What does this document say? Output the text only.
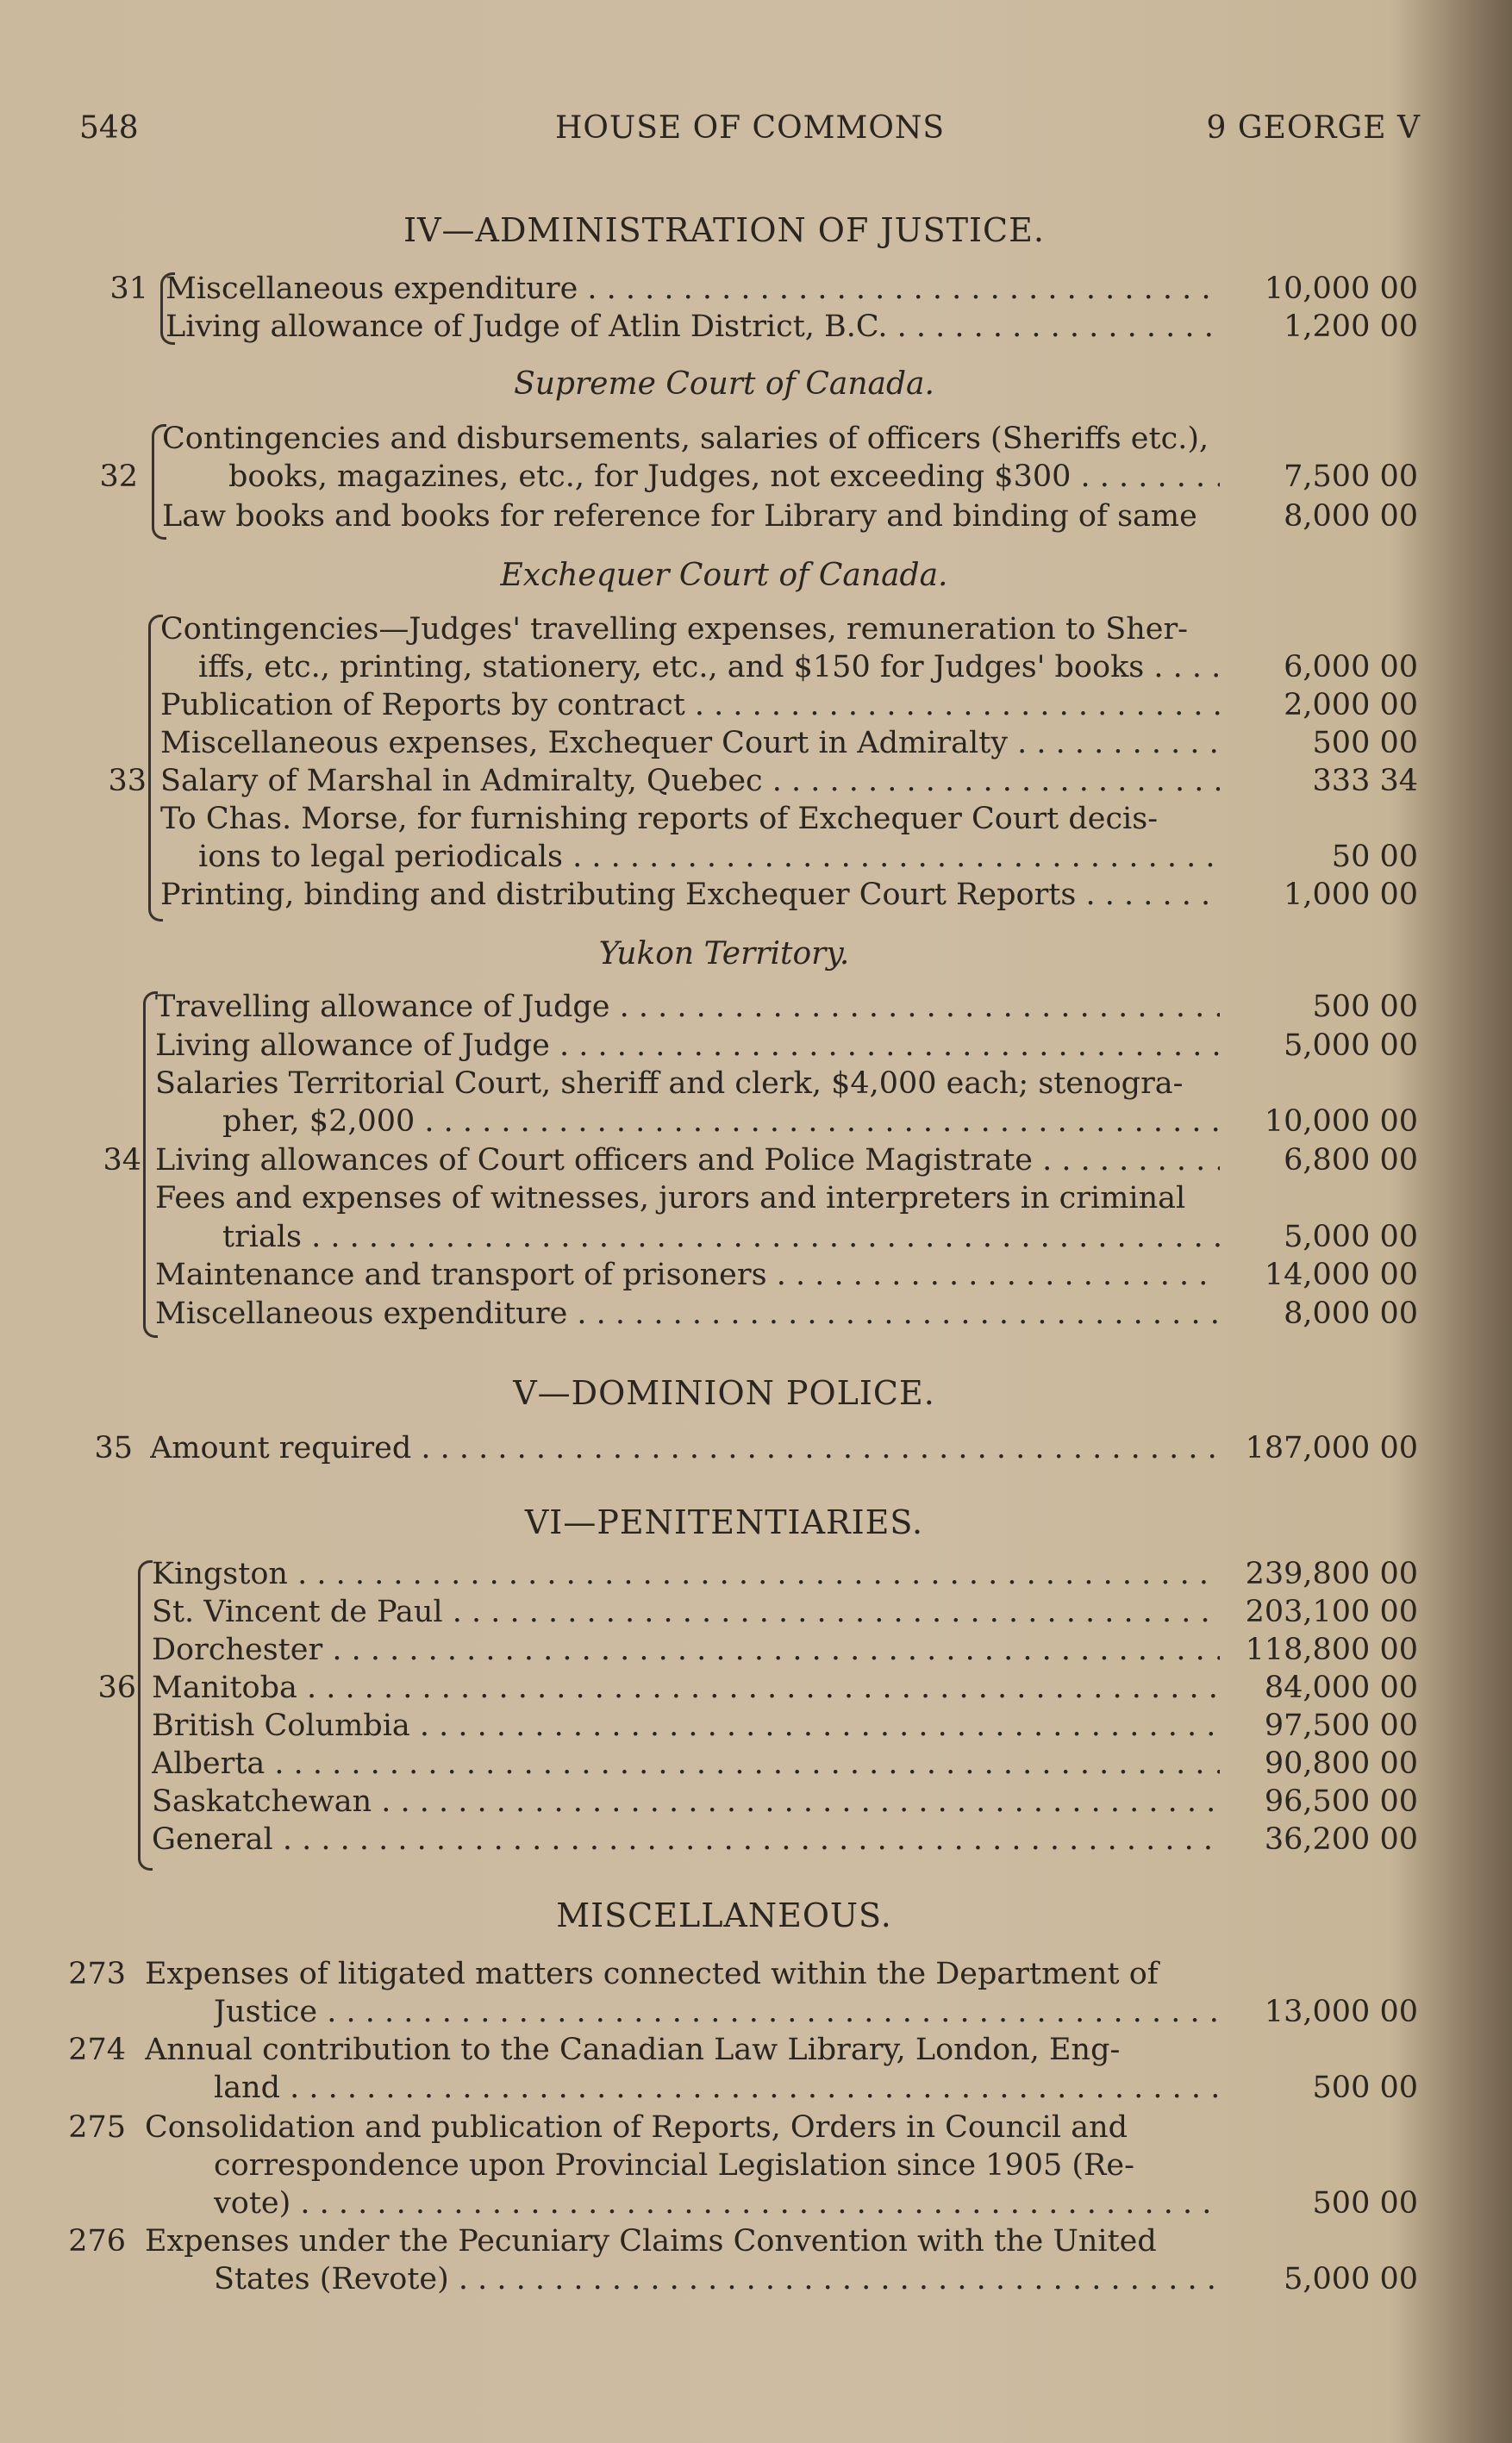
548	HOUSE OF COMMONS	9 GEORGE V
IV—ADMINISTRATION OF JUSTICE.
31 Miscellaneous expenditure . . .	10,000 00
Living allowance of Judge of Atlin District, B.C. . . .	1,200 00
Supreme Court of Canada.
Contingencies and disbursements, salaries of officers (Sheriffs etc.),
32	books, magazines, etc., for Judges, not exceeding $300 . . .	7,500 00
Law books and books for reference for Library and binding of same	8,000 00
Exchequer Court of Canada.
Contingencies—Judges' travelling expenses, remuneration to Sher-
iffs, etc., printing, stationery, etc., and $150 for Judges' books . . .	6,000 00
Publication of Reports by contract . . .	2,000 00
Miscellaneous expenses, Exchequer Court in Admiralty . . .	500 00
33 Salary of Marshal in Admiralty, Quebec . . .	333 34
To Chas. Morse, for furnishing reports of Exchequer Court decis-
ions to legal periodicals . . .	50 00
Printing, binding and distributing Exchequer Court Reports . . .	1,000 00
Yukon Territory.
Travelling allowance of Judge . . .	500 00
Living allowance of Judge . . .	5,000 00
Salaries Territorial Court, sheriff and clerk, $4,000 each; stenogra-
pher, $2,000 . . .	10,000 00
34 Living allowances of Court officers and Police Magistrate . . .	6,800 00
Fees and expenses of witnesses, jurors and interpreters in criminal
trials . . .	5,000 00
Maintenance and transport of prisoners . . .	14,000 00
Miscellaneous expenditure . . .	8,000 00
V—DOMINION POLICE.
35 Amount required . . .	187,000 00
VI—PENITENTIARIES.
Kingston . . .	239,800 00
St. Vincent de Paul . . .	203,100 00
Dorchester . . .	118,800 00
36 Manitoba . . .	84,000 00
British Columbia . . .	97,500 00
Alberta . . .	90,800 00
Saskatchewan . . .	96,500 00
General . . .	36,200 00
MISCELLANEOUS.
273 Expenses of litigated matters connected within the Department of
Justice . . .	13,000 00
274 Annual contribution to the Canadian Law Library, London, Eng-
land . . .	500 00
275 Consolidation and publication of Reports, Orders in Council and
correspondence upon Provincial Legislation since 1905 (Re-
vote) . . .	500 00
276 Expenses under the Pecuniary Claims Convention with the United
States (Revote) . . .	5,000 00
